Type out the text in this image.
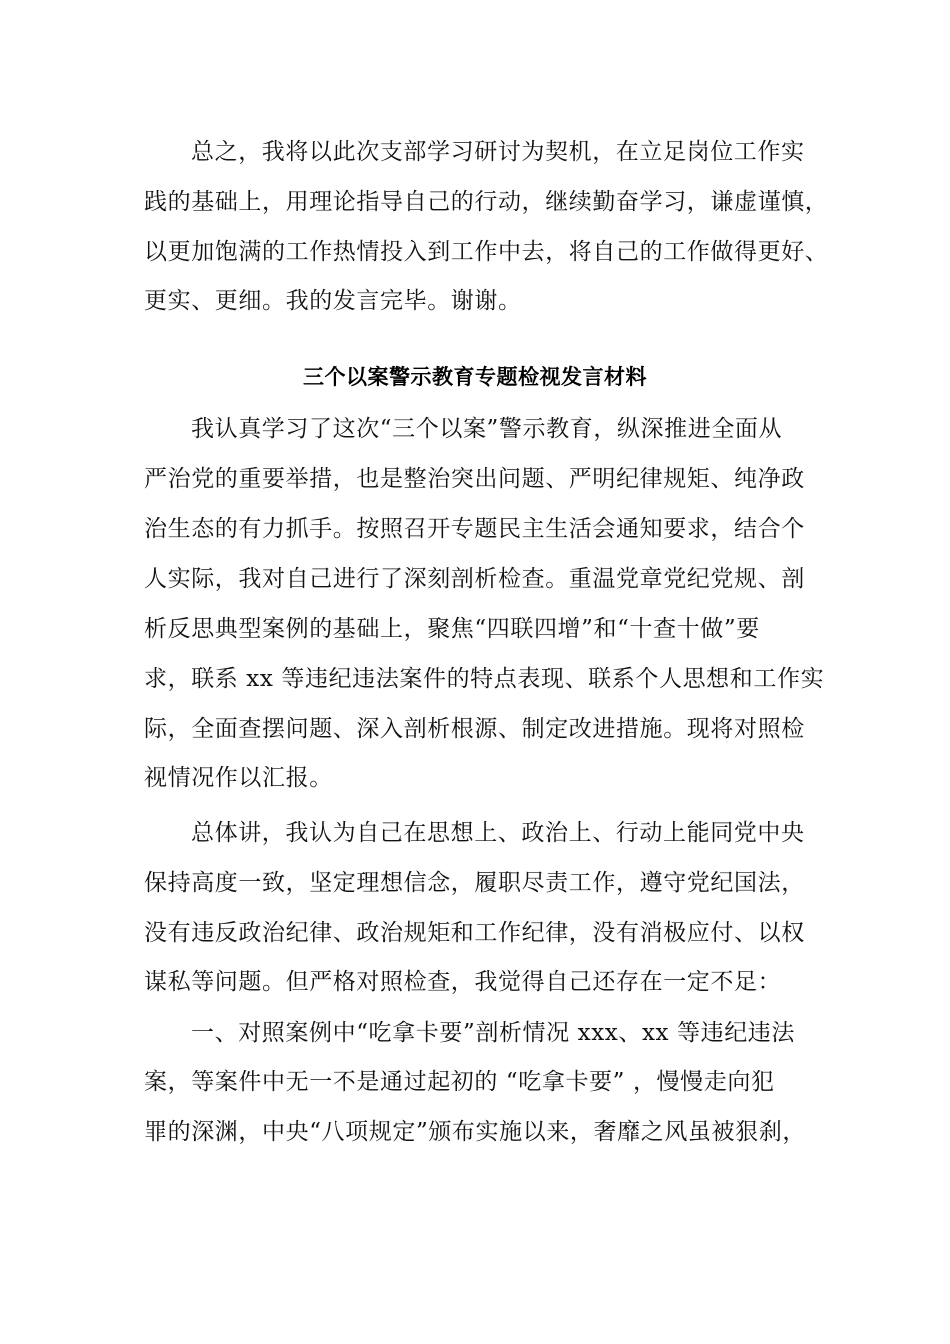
总之，我将以此次支部学习研讨为契机，在立足岗位工作实
践的基础上，用理论指导自己的行动，继续勤奋学习，谦虚谨慎，
以更加饱满的工作热情投入到工作中去，将自己的工作做得更好、
更实、更细。我的发言完毕。谢谢。
三个以案警示教育专题检视发言材料
我认真学习了这次“三个以案”警示教育，纵深推进全面从
严治党的重要举措，也是整治突出问题、严明纪律规矩、纯净政
治生态的有力抓手。按照召开专题民主生活会通知要求，结合个
人实际，我对自己进行了深刻剖析检查。重温党章党纪党规、剖
析反思典型案例的基础上，聚焦“四联四增”和“十查十做”要
求，联系 xx 等违纪违法案件的特点表现、联系个人思想和工作实
际，全面查摆问题、深入剖析根源、制定改进措施。现将对照检
视情况作以汇报。
总体讲，我认为自己在思想上、政治上、行动上能同党中央
保持高度一致，坚定理想信念，履职尽责工作，遵守党纪国法，
没有违反政治纪律、政治规矩和工作纪律，没有消极应付、以权
谋私等问题。但严格对照检查，我觉得自己还存在一定不足：
一、对照案例中“吃拿卡要”剖析情况 xxx、xx 等违纪违法
案，等案件中无一不是通过起初的 “吃拿卡要” ，慢慢走向犯
罪的深渊，中央“八项规定”颁布实施以来，奢靡之风虽被狠刹，
